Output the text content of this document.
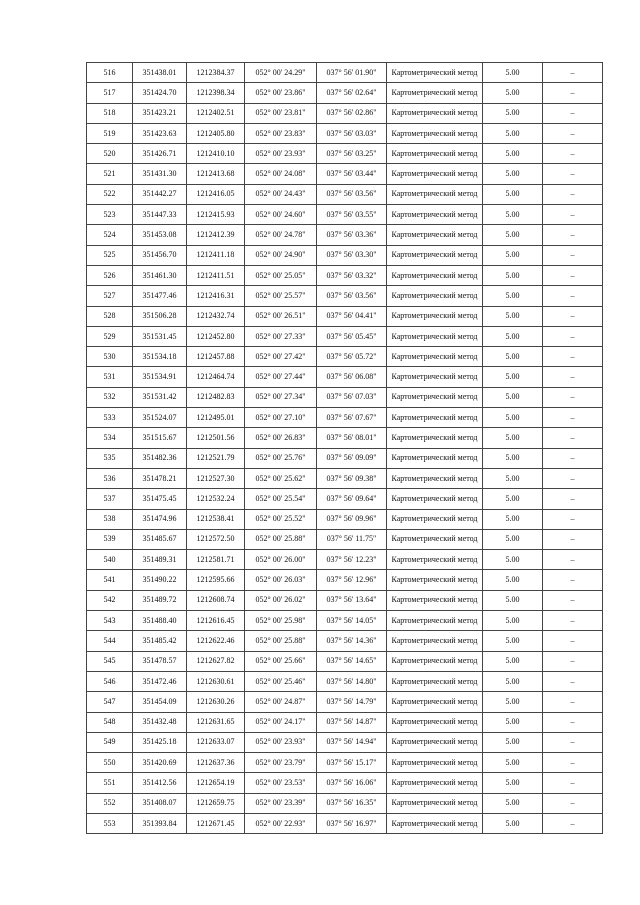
516	351438.01	1212384.37	052° 00' 24.29"	037° 56' 01.90"	Картометрический метод	5.00	–
517	351424.70	1212398.34	052° 00' 23.86"	037° 56' 02.64"	Картометрический метод	5.00	–
518	351423.21	1212402.51	052° 00' 23.81"	037° 56' 02.86"	Картометрический метод	5.00	–
519	351423.63	1212405.80	052° 00' 23.83"	037° 56' 03.03"	Картометрический метод	5.00	–
520	351426.71	1212410.10	052° 00' 23.93"	037° 56' 03.25"	Картометрический метод	5.00	–
521	351431.30	1212413.68	052° 00' 24.08"	037° 56' 03.44"	Картометрический метод	5.00	–
522	351442.27	1212416.05	052° 00' 24.43"	037° 56' 03.56"	Картометрический метод	5.00	–
523	351447.33	1212415.93	052° 00' 24.60"	037° 56' 03.55"	Картометрический метод	5.00	–
524	351453.08	1212412.39	052° 00' 24.78"	037° 56' 03.36"	Картометрический метод	5.00	–
525	351456.70	1212411.18	052° 00' 24.90"	037° 56' 03.30"	Картометрический метод	5.00	–
526	351461.30	1212411.51	052° 00' 25.05"	037° 56' 03.32"	Картометрический метод	5.00	–
527	351477.46	1212416.31	052° 00' 25.57"	037° 56' 03.56"	Картометрический метод	5.00	–
528	351506.28	1212432.74	052° 00' 26.51"	037° 56' 04.41"	Картометрический метод	5.00	–
529	351531.45	1212452.80	052° 00' 27.33"	037° 56' 05.45"	Картометрический метод	5.00	–
530	351534.18	1212457.88	052° 00' 27.42"	037° 56' 05.72"	Картометрический метод	5.00	–
531	351534.91	1212464.74	052° 00' 27.44"	037° 56' 06.08"	Картометрический метод	5.00	–
532	351531.42	1212482.83	052° 00' 27.34"	037° 56' 07.03"	Картометрический метод	5.00	–
533	351524.07	1212495.01	052° 00' 27.10"	037° 56' 07.67"	Картометрический метод	5.00	–
534	351515.67	1212501.56	052° 00' 26.83"	037° 56' 08.01"	Картометрический метод	5.00	–
535	351482.36	1212521.79	052° 00' 25.76"	037° 56' 09.09"	Картометрический метод	5.00	–
536	351478.21	1212527.30	052° 00' 25.62"	037° 56' 09.38"	Картометрический метод	5.00	–
537	351475.45	1212532.24	052° 00' 25.54"	037° 56' 09.64"	Картометрический метод	5.00	–
538	351474.96	1212538.41	052° 00' 25.52"	037° 56' 09.96"	Картометрический метод	5.00	–
539	351485.67	1212572.50	052° 00' 25.88"	037° 56' 11.75"	Картометрический метод	5.00	–
540	351489.31	1212581.71	052° 00' 26.00"	037° 56' 12.23"	Картометрический метод	5.00	–
541	351490.22	1212595.66	052° 00' 26.03"	037° 56' 12.96"	Картометрический метод	5.00	–
542	351489.72	1212608.74	052° 00' 26.02"	037° 56' 13.64"	Картометрический метод	5.00	–
543	351488.40	1212616.45	052° 00' 25.98"	037° 56' 14.05"	Картометрический метод	5.00	–
544	351485.42	1212622.46	052° 00' 25.88"	037° 56' 14.36"	Картометрический метод	5.00	–
545	351478.57	1212627.82	052° 00' 25.66"	037° 56' 14.65"	Картометрический метод	5.00	–
546	351472.46	1212630.61	052° 00' 25.46"	037° 56' 14.80"	Картометрический метод	5.00	–
547	351454.09	1212630.26	052° 00' 24.87"	037° 56' 14.79"	Картометрический метод	5.00	–
548	351432.48	1212631.65	052° 00' 24.17"	037° 56' 14.87"	Картометрический метод	5.00	–
549	351425.18	1212633.07	052° 00' 23.93"	037° 56' 14.94"	Картометрический метод	5.00	–
550	351420.69	1212637.36	052° 00' 23.79"	037° 56' 15.17"	Картометрический метод	5.00	–
551	351412.56	1212654.19	052° 00' 23.53"	037° 56' 16.06"	Картометрический метод	5.00	–
552	351408.07	1212659.75	052° 00' 23.39"	037° 56' 16.35"	Картометрический метод	5.00	–
553	351393.84	1212671.45	052° 00' 22.93"	037° 56' 16.97"	Картометрический метод	5.00	–
